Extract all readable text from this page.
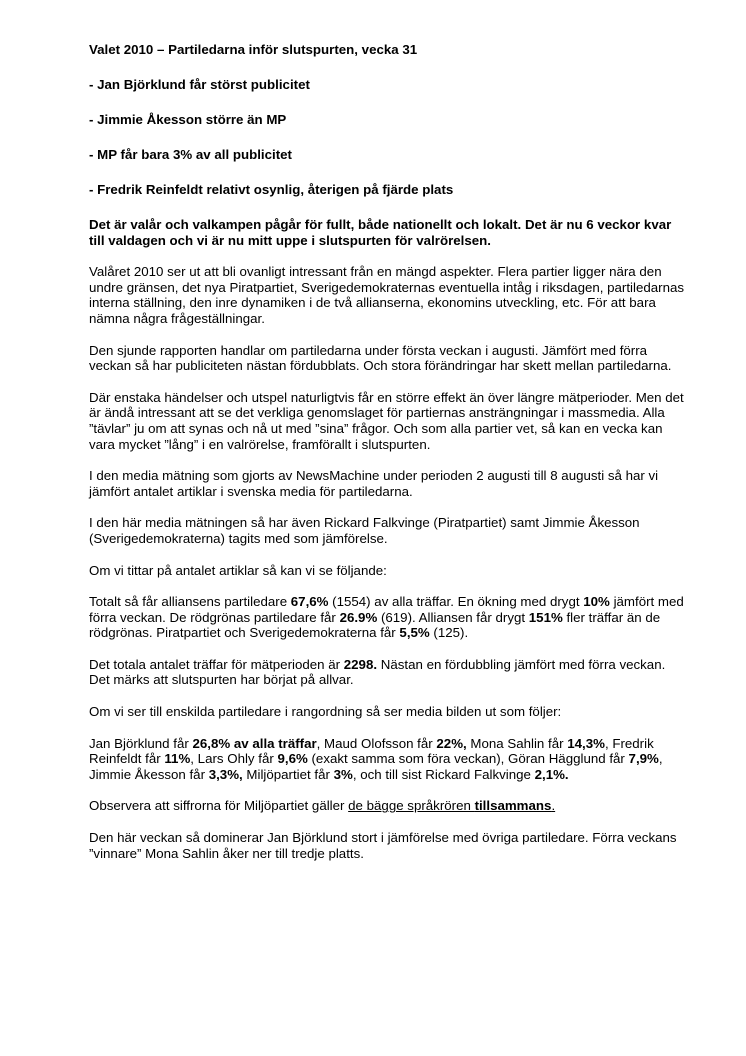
Valet 2010 – Partiledarna inför slutspurten, vecka 31
- Jan Björklund får störst publicitet
- Jimmie Åkesson större än MP
- MP får bara 3% av all publicitet
- Fredrik Reinfeldt relativt osynlig, återigen på fjärde plats

Det är valår och valkampen pågår för fullt, både nationellt och lokalt. Det är nu 6 veckor kvar till valdagen och vi är nu mitt uppe i slutspurten för valrörelsen.

Valåret 2010 ser ut att bli ovanligt intressant från en mängd aspekter. Flera partier ligger nära den undre gränsen, det nya Piratpartiet, Sverigedemokraternas eventuella intåg i riksdagen, partiledarnas interna ställning, den inre dynamiken i de två allianserna, ekonomins utveckling, etc. För att bara nämna några frågeställningar.

Den sjunde rapporten handlar om partiledarna under första veckan i augusti. Jämfört med förra veckan så har publiciteten nästan fördubblats. Och stora förändringar har skett mellan partiledarna.

Där enstaka händelser och utspel naturligtvis får en större effekt än över längre mätperioder. Men det är ändå intressant att se det verkliga genomslaget för partiernas ansträngningar i massmedia. Alla ”tävlar” ju om att synas och nå ut med ”sina” frågor. Och som alla partier vet, så kan en vecka kan vara mycket ”lång” i en valrörelse, framförallt i slutspurten.

I den media mätning som gjorts av NewsMachine under perioden 2 augusti till 8 augusti så har vi jämfört antalet artiklar i svenska media för partiledarna.

I den här media mätningen så har även Rickard Falkvinge (Piratpartiet) samt Jimmie Åkesson (Sverigedemokraterna) tagits med som jämförelse.

Om vi tittar på antalet artiklar så kan vi se följande:

Totalt så får alliansens partiledare 67,6% (1554) av alla träffar. En ökning med drygt 10% jämfört med förra veckan. De rödgrönas partiledare får 26.9% (619). Alliansen får drygt 151% fler träffar än de rödgrönas. Piratpartiet och Sverigedemokraterna får 5,5% (125).

Det totala antalet träffar för mätperioden är 2298. Nästan en fördubbling jämfört med förra veckan. Det märks att slutspurten har börjat på allvar.

Om vi ser till enskilda partiledare i rangordning så ser media bilden ut som följer:

Jan Björklund får 26,8% av alla träffar, Maud Olofsson får 22%, Mona Sahlin får 14,3%, Fredrik Reinfeldt får 11%, Lars Ohly får 9,6% (exakt samma som föra veckan), Göran Hägglund får 7,9%, Jimmie Åkesson får 3,3%, Miljöpartiet får 3%, och till sist Rickard Falkvinge 2,1%.

Observera att siffrorna för Miljöpartiet gäller de bägge språkrören tillsammans.

Den här veckan så dominerar Jan Björklund stort i jämförelse med övriga partiledare. Förra veckans ”vinnare” Mona Sahlin åker ner till tredje platts.
